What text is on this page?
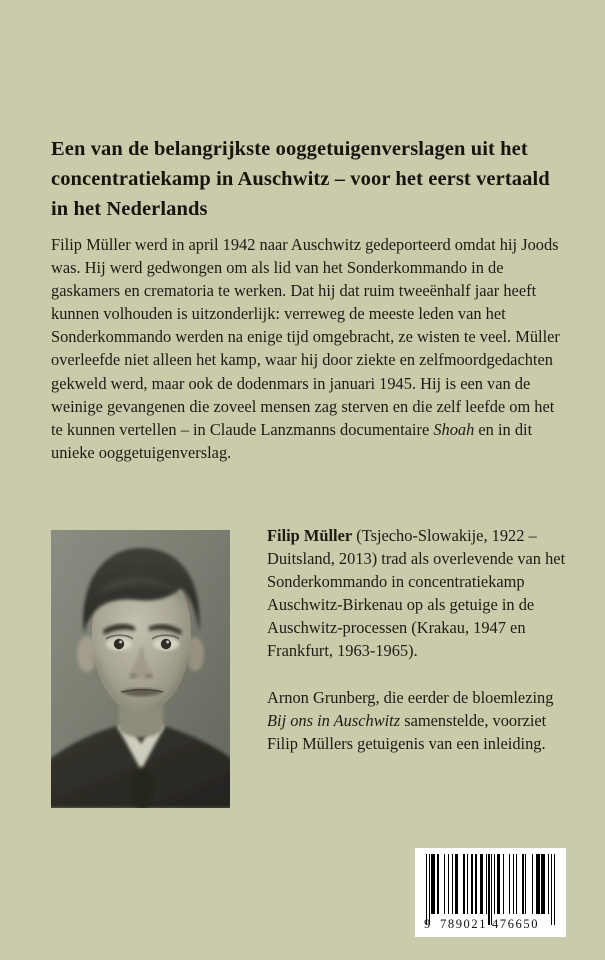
Een van de belangrijkste ooggetuigenverslagen uit het concentratiekamp in Auschwitz – voor het eerst vertaald in het Nederlands
Filip Müller werd in april 1942 naar Auschwitz gedeporteerd omdat hij Joods was. Hij werd gedwongen om als lid van het Sonderkommando in de gaskamers en crematoria te werken. Dat hij dat ruim tweeënhalf jaar heeft kunnen volhouden is uitzonderlijk: verreweg de meeste leden van het Sonderkommando werden na enige tijd omgebracht, ze wisten te veel. Müller overleefde niet alleen het kamp, waar hij door ziekte en zelfmoordgedachten gekweld werd, maar ook de dodenmars in januari 1945. Hij is een van de weinige gevangenen die zoveel mensen zag sterven en die zelf leefde om het te kunnen vertellen – in Claude Lanzmanns documentaire Shoah en in dit unieke ooggetuigenverslag.
Filip Müller (Tsjecho-Slowakije, 1922 – Duitsland, 2013) trad als overlevende van het Sonderkommando in concentratiekamp Auschwitz-Birkenau op als getuige in de Auschwitz-processen (Krakau, 1947 en Frankfurt, 1963-1965).
Arnon Grunberg, die eerder de bloemlezing Bij ons in Auschwitz samenstelde, voorziet Filip Müllers getuigenis van een inleiding.
9 789021 476650
